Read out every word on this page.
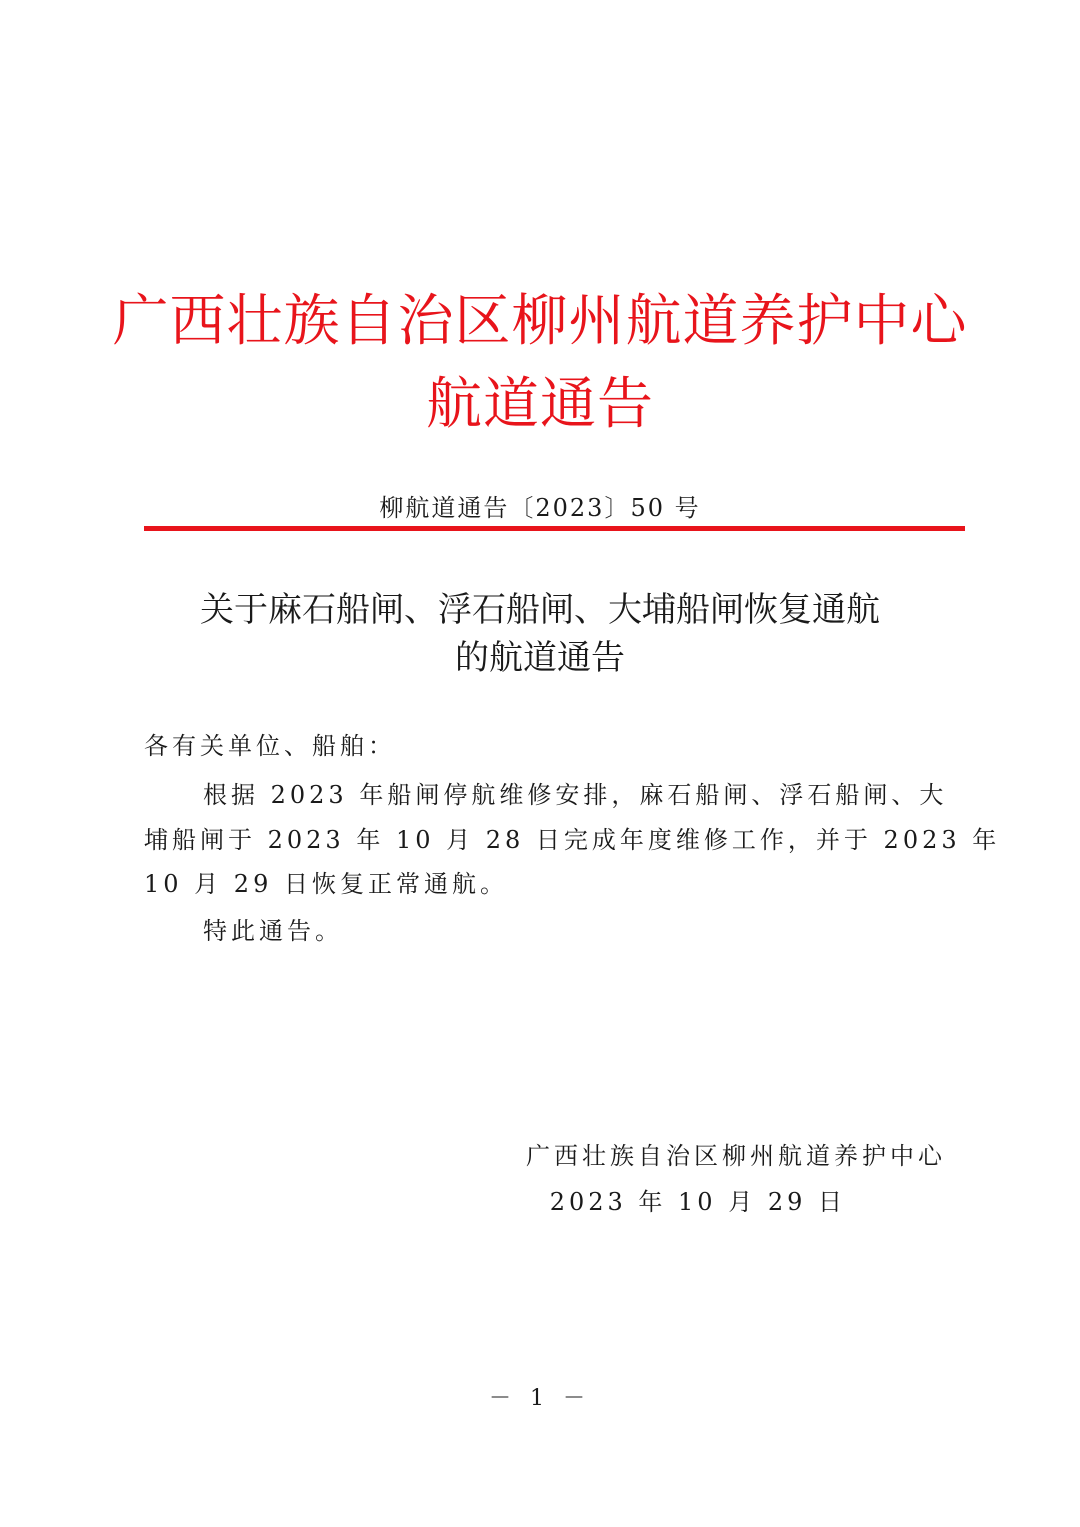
广西壮族自治区柳州航道养护中心
航道通告
柳航道通告〔2023〕50 号
关于麻石船闸、浮石船闸、大埔船闸恢复通航
的航道通告
各有关单位、船舶：
根据 2023 年船闸停航维修安排，麻石船闸、浮石船闸、大
埔船闸于 2023 年 10 月 28 日完成年度维修工作，并于 2023 年
10 月 29 日恢复正常通航。
特此通告。
广西壮族自治区柳州航道养护中心
2023 年 10 月 29 日
－ 1 －
